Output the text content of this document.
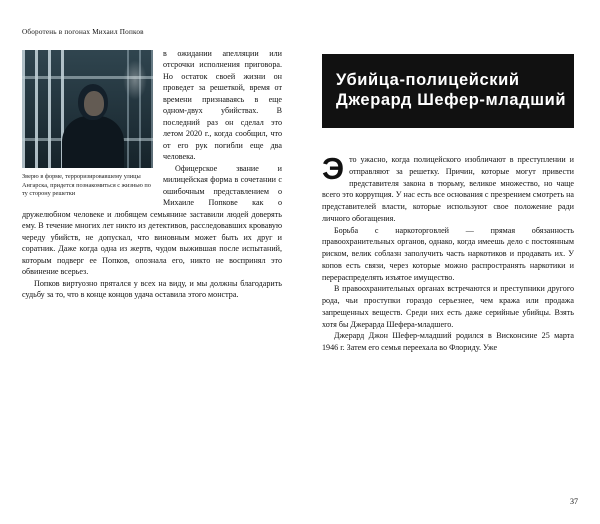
Оборотень в погонах Михаил Попков
Зверю в форме, терроризировавшему улицы Ангарска, придется познакомиться с жизнью по ту сторону решетки

в ожидании апелляции или отсрочки исполнения приговора. Но остаток своей жизни он проведет за решеткой, время от времени признаваясь в еще одном-двух убийствах. В последний раз он сделал это летом 2020 г., когда сообщил, что от его рук погибли еще два человека.

Офицерское звание и милицейская форма в сочетании с ошибочным представлением о Михаиле Попкове как о дружелюбном человеке и любящем семьянине заставили людей доверять ему. В течение многих лет никто из детективов, расследовавших кровавую череду убийств, не допускал, что виновным может быть их друг и соратник. Даже когда одна из жертв, чудом выжившая после испытаний, которым подверг ее Попков, опознала его, никто не воспринял это обвинение всерьез.

Попков виртуозно прятался у всех на виду, и мы должны благодарить судьбу за то, что в конце концов удача оставила этого монстра.

Убийца-полицейский
Джерард Шефер-младший

Это ужасно, когда полицейского изобличают в преступлении и отправляют за решетку. Причин, которые могут привести представителя закона в тюрьму, великое множество, но чаще всего это коррупция. У нас есть все основания с презрением смотреть на представителей власти, которые используют свое положение ради личного обогащения.

Борьба с наркоторговлей — прямая обязанность правоохранительных органов, однако, когда имеешь дело с постоянным риском, велик соблазн заполучить часть наркотиков и продавать их. У копов есть связи, через которые можно распространять наркотики и перераспределять изъятое имущество.

В правоохранительных органах встречаются и преступники другого рода, чьи проступки гораздо серьезнее, чем кража или продажа запрещенных веществ. Среди них есть даже серийные убийцы. Взять хотя бы Джерарда Шефера-младшего.

Джерард Джон Шефер-младший родился в Висконсине 25 марта 1946 г. Затем его семья переехала во Флориду. Уже

37
